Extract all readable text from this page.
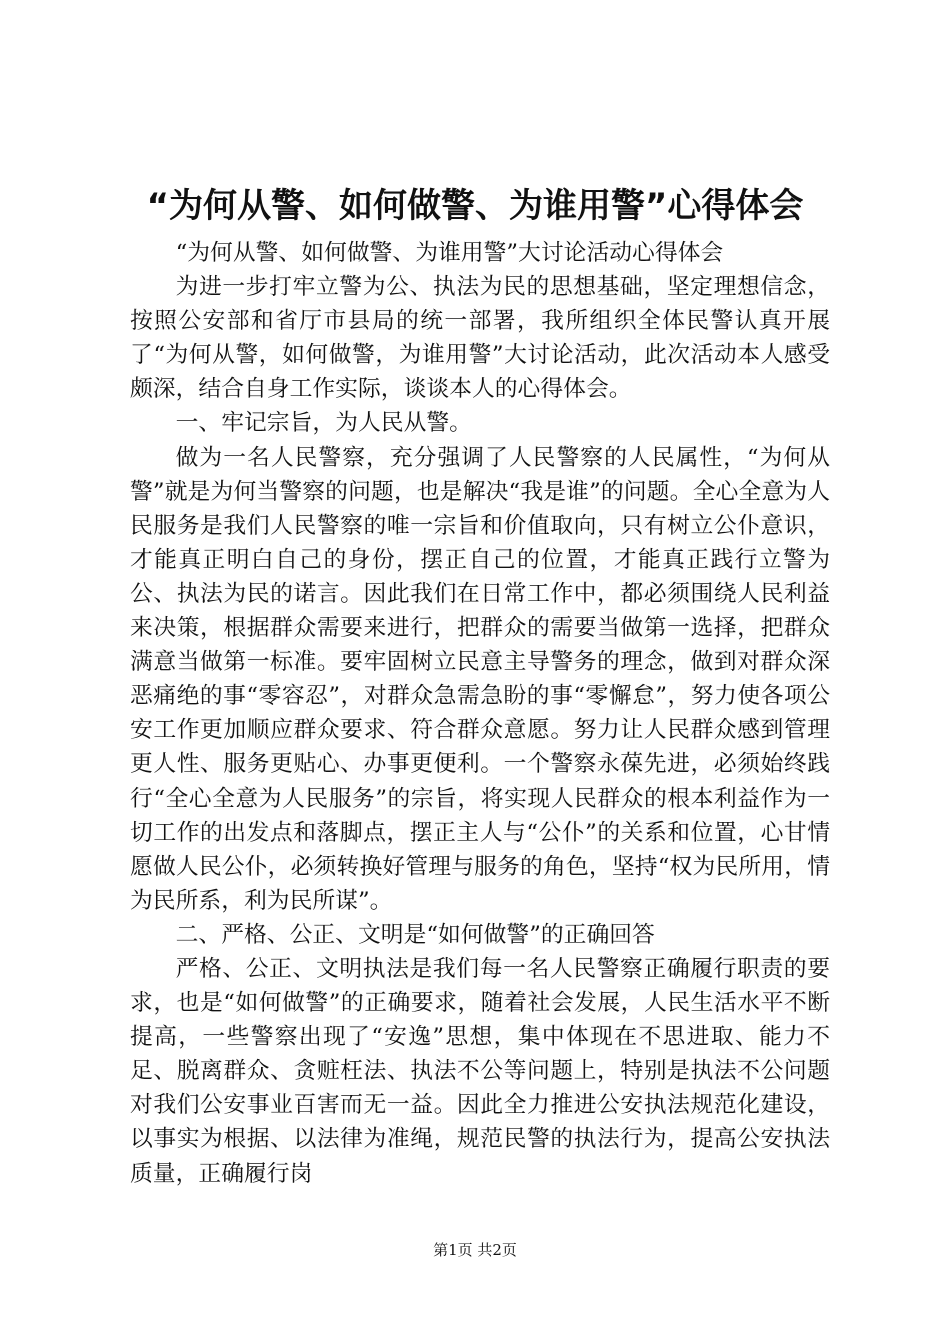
“为何从警、如何做警、为谁用警”心得体会

“为何从警、如何做警、为谁用警”大讨论活动心得体会

为进一步打牢立警为公、执法为民的思想基础，坚定理想信念，按照公安部和省厅市县局的统一部署，我所组织全体民警认真开展了“为何从警，如何做警，为谁用警”大讨论活动，此次活动本人感受颇深，结合自身工作实际，谈谈本人的心得体会。

一、牢记宗旨，为人民从警。

做为一名人民警察，充分强调了人民警察的人民属性，“为何从警”就是为何当警察的问题，也是解决“我是谁”的问题。全心全意为人民服务是我们人民警察的唯一宗旨和价值取向，只有树立公仆意识，才能真正明白自己的身份，摆正自己的位置，才能真正践行立警为公、执法为民的诺言。因此我们在日常工作中，都必须围绕人民利益来决策，根据群众需要来进行，把群众的需要当做第一选择，把群众满意当做第一标准。要牢固树立民意主导警务的理念，做到对群众深恶痛绝的事“零容忍”，对群众急需急盼的事“零懈怠”，努力使各项公安工作更加顺应群众要求、符合群众意愿。努力让人民群众感到管理更人性、服务更贴心、办事更便利。一个警察永葆先进，必须始终践行“全心全意为人民服务”的宗旨，将实现人民群众的根本利益作为一切工作的出发点和落脚点，摆正主人与“公仆”的关系和位置，心甘情愿做人民公仆，必须转换好管理与服务的角色，坚持“权为民所用，情为民所系，利为民所谋”。

二、严格、公正、文明是“如何做警”的正确回答

严格、公正、文明执法是我们每一名人民警察正确履行职责的要求，也是“如何做警”的正确要求，随着社会发展，人民生活水平不断提高，一些警察出现了“安逸”思想，集中体现在不思进取、能力不足、脱离群众、贪赃枉法、执法不公等问题上，特别是执法不公问题对我们公安事业百害而无一益。因此全力推进公安执法规范化建设，以事实为根据、以法律为准绳，规范民警的执法行为，提高公安执法质量，正确履行岗

第1页 共2页
